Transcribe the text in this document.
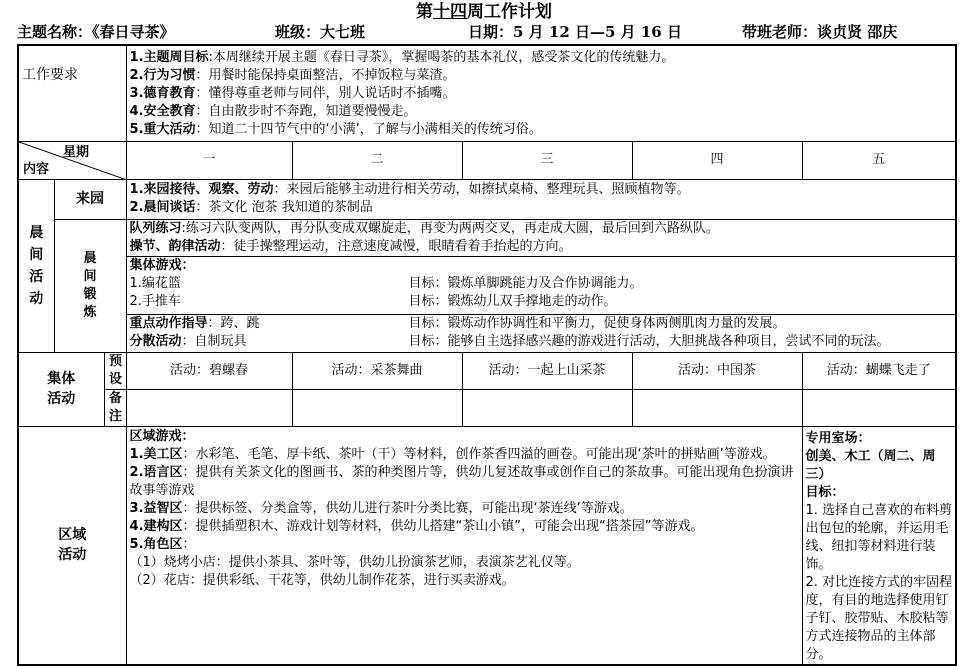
第十四周工作计划
主题名称：《春日寻茶》	班级：大七班	日期：5 月 12 日—5 月 16 日	带班老师：谈贞贤 邵庆
工作要求	
1.主题周目标:本周继续开展主题《春日寻茶》，掌握喝茶的基本礼仪，感受茶文化的传统魅力。
2.行为习惯：用餐时能保持桌面整洁，不掉饭粒与菜渣。
3.德育教育：懂得尊重老师与同伴，别人说话时不插嘴。
4.安全教育：自由散步时不奔跑，知道要慢慢走。
5.重大活动：知道二十四节气中的‘小满’，了解与小满相关的传统习俗。

星期
内容
	一	二	三	四	五

晨间活动
	来园	
1.来园接待、观察、劳动：来园后能够主动进行相关劳动，如擦拭桌椅、整理玩具、照顾植物等。
2.晨间谈话：茶文化 泡茶 我知道的茶制品

晨间锻炼

队列练习:练习六队变两队，再分队变成双螺旋走，再变为两两交叉，再走成大圆，最后回到六路纵队。
操节、韵律活动：徒手操整理运动，注意速度减慢，眼睛看着手抬起的方向。
集体游戏：
1.编花篮	目标：锻炼单脚跳能力及合作协调能力。
2.手推车	目标：锻炼幼儿双手撑地走的动作。

重点动作指导：跨、跳	目标：锻炼动作协调性和平衡力，促使身体两侧肌肉力量的发展。
分散活动：自制玩具	目标：能够自主选择感兴趣的游戏进行活动，大胆挑战各种项目，尝试不同的玩法。

集体活动

预设
	活动：碧螺春	活动：采茶舞曲	活动：一起上山采茶	活动：中国茶	活动：蝴蝶飞走了

备注

区域活动

区域游戏：
1.美工区：水彩笔、毛笔、厚卡纸、茶叶（干）等材料，创作茶香四溢的画卷。可能出现‘茶叶的拼贴画’等游戏。
2.语言区：提供有关茶文化的图画书、茶的种类图片等，供幼儿复述故事或创作自己的茶故事。可能出现角色扮演讲故事等游戏
3.益智区：提供标签、分类盒等，供幼儿进行茶叶分类比赛，可能出现‘茶连线’等游戏。
4.建构区：提供插塑积木、游戏计划等材料，供幼儿搭建“茶山小镇”，可能会出现“搭茶园”等游戏。
5.角色区：
（1）烧烤小店：提供小茶具、茶叶等，供幼儿扮演茶艺师，表演茶艺礼仪等。
（2）花店：提供彩纸、干花等，供幼儿制作花茶，进行买卖游戏。

专用室场：
创美、木工（周二、周三）
目标：
1. 选择自己喜欢的布料剪出包包的轮廓，并运用毛线、纽扣等材料进行装饰。
2. 对比连接方式的牢固程度，有目的地选择使用钉子钉、胶带贴、木胶粘等方式连接物品的主体部分。
